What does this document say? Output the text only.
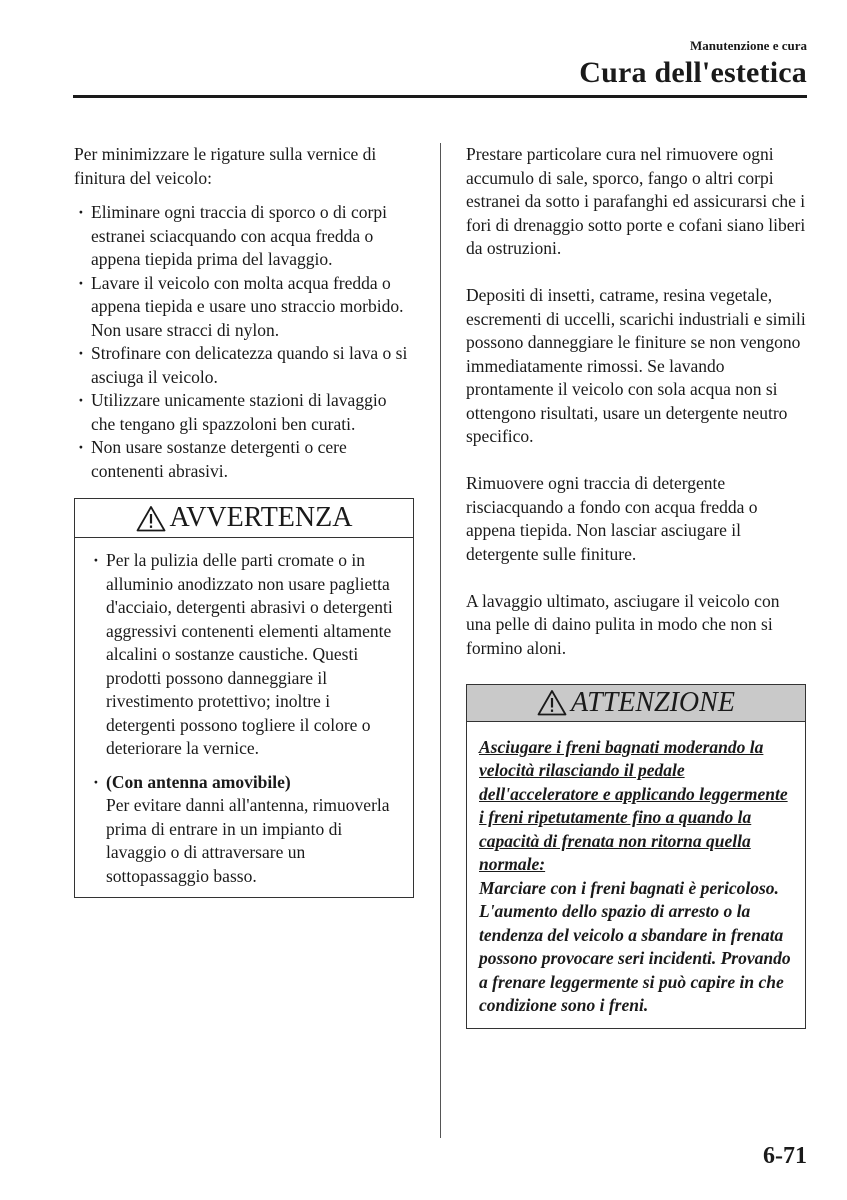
Manutenzione e cura
Cura dell'estetica

Per minimizzare le rigature sulla vernice di finitura del veicolo:

· Eliminare ogni traccia di sporco o di corpi estranei sciacquando con acqua fredda o appena tiepida prima del lavaggio.
· Lavare il veicolo con molta acqua fredda o appena tiepida e usare uno straccio morbido. Non usare stracci di nylon.
· Strofinare con delicatezza quando si lava o si asciuga il veicolo.
· Utilizzare unicamente stazioni di lavaggio che tengano gli spazzoloni ben curati.
· Non usare sostanze detergenti o cere contenenti abrasivi.
AVVERTENZA
· Per la pulizia delle parti cromate o in alluminio anodizzato non usare paglietta d'acciaio, detergenti abrasivi o detergenti aggressivi contenenti elementi altamente alcalini o sostanze caustiche. Questi prodotti possono danneggiare il rivestimento protettivo; inoltre i detergenti possono togliere il colore o deteriorare la vernice.
· (Con antenna amovibile)
Per evitare danni all'antenna, rimuoverla prima di entrare in un impianto di lavaggio o di attraversare un sottopassaggio basso.

Prestare particolare cura nel rimuovere ogni accumulo di sale, sporco, fango o altri corpi estranei da sotto i parafanghi ed assicurarsi che i fori di drenaggio sotto porte e cofani siano liberi da ostruzioni.

Depositi di insetti, catrame, resina vegetale, escrementi di uccelli, scarichi industriali e simili possono danneggiare le finiture se non vengono immediatamente rimossi. Se lavando prontamente il veicolo con sola acqua non si ottengono risultati, usare un detergente neutro specifico.

Rimuovere ogni traccia di detergente risciacquando a fondo con acqua fredda o appena tiepida. Non lasciar asciugare il detergente sulle finiture.

A lavaggio ultimato, asciugare il veicolo con una pelle di daino pulita in modo che non si formino aloni.

ATTENZIONE
Asciugare i freni bagnati moderando la velocità rilasciando il pedale dell'acceleratore e applicando leggermente i freni ripetutamente fino a quando la capacità di frenata non ritorna quella normale:
Marciare con i freni bagnati è pericoloso. L'aumento dello spazio di arresto o la tendenza del veicolo a sbandare in frenata possono provocare seri incidenti. Provando a frenare leggermente si può capire in che condizione sono i freni.
6-71
